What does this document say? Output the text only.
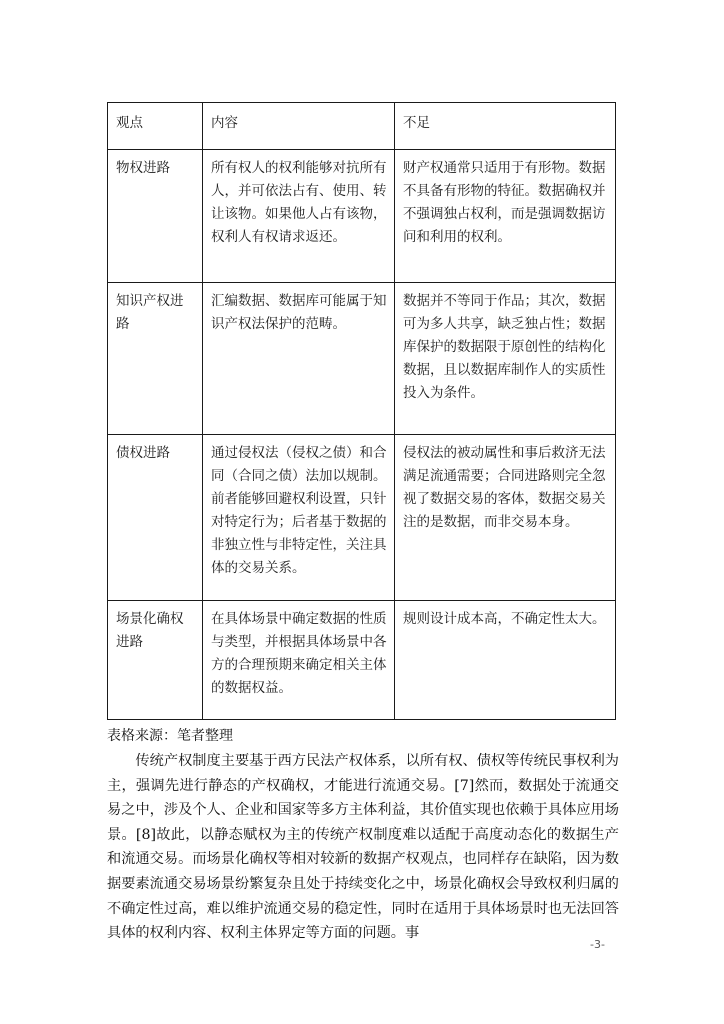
观点	内容	不足
物权进路	所有权人的权利能够对抗所有人，并可依法占有、使用、转让该物。如果他人占有该物，权利人有权请求返还。	财产权通常只适用于有形物。数据不具备有形物的特征。数据确权并不强调独占权利，而是强调数据访问和利用的权利。
知识产权进路	汇编数据、数据库可能属于知识产权法保护的范畴。	数据并不等同于作品；其次，数据可为多人共享，缺乏独占性；数据库保护的数据限于原创性的结构化数据，且以数据库制作人的实质性投入为条件。
债权进路	通过侵权法（侵权之债）和合同（合同之债）法加以规制。前者能够回避权利设置，只针对特定行为；后者基于数据的非独立性与非特定性，关注具体的交易关系。	侵权法的被动属性和事后救济无法满足流通需要；合同进路则完全忽视了数据交易的客体，数据交易关注的是数据，而非交易本身。
场景化确权进路	在具体场景中确定数据的性质与类型，并根据具体场景中各方的合理预期来确定相关主体的数据权益。	规则设计成本高，不确定性太大。
表格来源：笔者整理

传统产权制度主要基于西方民法产权体系，以所有权、债权等传统民事权利为主，强调先进行静态的产权确权，才能进行流通交易。[7]然而，数据处于流通交易之中，涉及个人、企业和国家等多方主体利益，其价值实现也依赖于具体应用场景。[8]故此，以静态赋权为主的传统产权制度难以适配于高度动态化的数据生产和流通交易。而场景化确权等相对较新的数据产权观点，也同样存在缺陷，因为数据要素流通交易场景纷繁复杂且处于持续变化之中，场景化确权会导致权利归属的不确定性过高，难以维护流通交易的稳定性，同时在适用于具体场景时也无法回答具体的权利内容、权利主体界定等方面的问题。事

-3-
